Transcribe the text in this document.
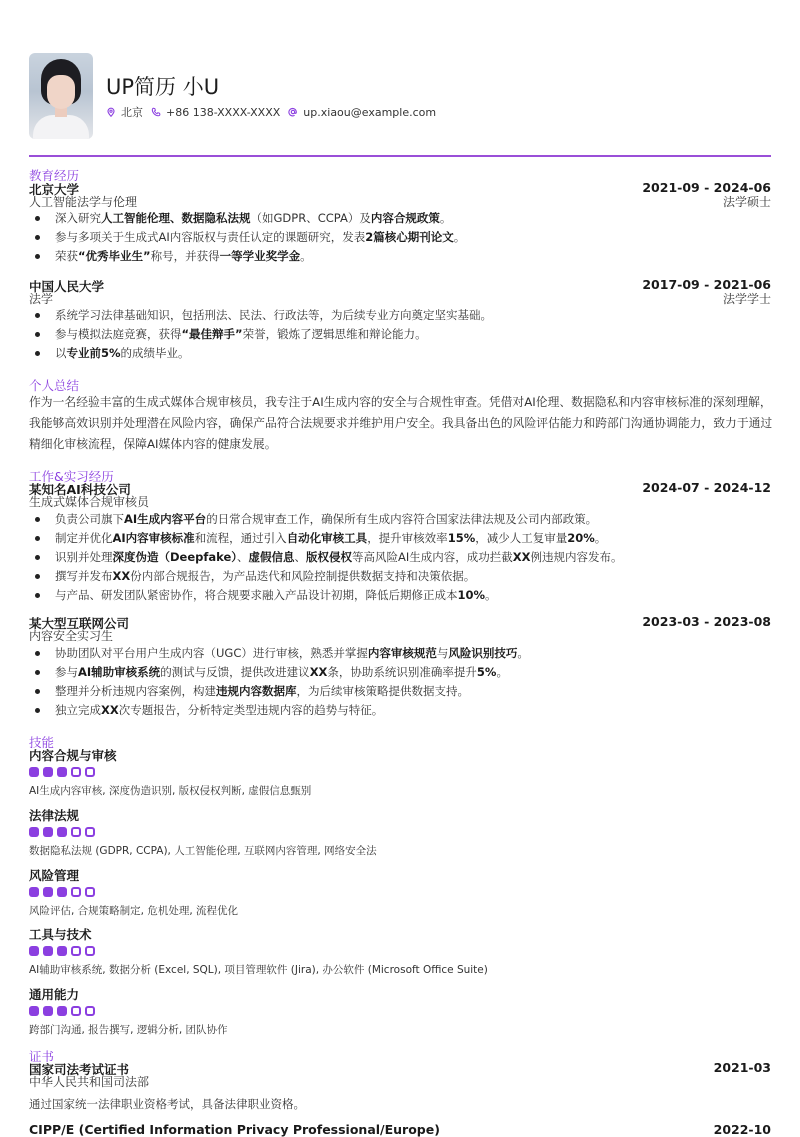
UP简历 小U
北京 +86 138-XXXX-XXXX up.xiaou@example.com
教育经历
北京大学	2021-09 - 2024-06
人工智能法学与伦理	法学硕士
深入研究人工智能伦理、数据隐私法规（如GDPR、CCPA）及内容合规政策。
参与多项关于生成式AI内容版权与责任认定的课题研究，发表2篇核心期刊论文。
荣获“优秀毕业生”称号，并获得一等学业奖学金。
中国人民大学	2017-09 - 2021-06
法学	法学学士
系统学习法律基础知识，包括刑法、民法、行政法等，为后续专业方向奠定坚实基础。
参与模拟法庭竞赛，获得“最佳辩手”荣誉，锻炼了逻辑思维和辩论能力。
以专业前5%的成绩毕业。
个人总结
作为一名经验丰富的生成式媒体合规审核员，我专注于AI生成内容的安全与合规性审查。凭借对AI伦理、数据隐私和内容审核标准的深刻理解，我能够高效识别并处理潜在风险内容，确保产品符合法规要求并维护用户安全。我具备出色的风险评估能力和跨部门沟通协调能力，致力于通过精细化审核流程，保障AI媒体内容的健康发展。
工作&实习经历
某知名AI科技公司	2024-07 - 2024-12
生成式媒体合规审核员
负责公司旗下AI生成内容平台的日常合规审查工作，确保所有生成内容符合国家法律法规及公司内部政策。
制定并优化AI内容审核标准和流程，通过引入自动化审核工具，提升审核效率15%，减少人工复审量20%。
识别并处理深度伪造（Deepfake）、虚假信息、版权侵权等高风险AI生成内容，成功拦截XX例违规内容发布。
撰写并发布XX份内部合规报告，为产品迭代和风险控制提供数据支持和决策依据。
与产品、研发团队紧密协作，将合规要求融入产品设计初期，降低后期修正成本10%。
某大型互联网公司	2023-03 - 2023-08
内容安全实习生
协助团队对平台用户生成内容（UGC）进行审核，熟悉并掌握内容审核规范与风险识别技巧。
参与AI辅助审核系统的测试与反馈，提供改进建议XX条，协助系统识别准确率提升5%。
整理并分析违规内容案例，构建违规内容数据库，为后续审核策略提供数据支持。
独立完成XX次专题报告，分析特定类型违规内容的趋势与特征。
技能
内容合规与审核
AI生成内容审核, 深度伪造识别, 版权侵权判断, 虚假信息甄别
法律法规
数据隐私法规 (GDPR, CCPA), 人工智能伦理, 互联网内容管理, 网络安全法
风险管理
风险评估, 合规策略制定, 危机处理, 流程优化
工具与技术
AI辅助审核系统, 数据分析 (Excel, SQL), 项目管理软件 (Jira), 办公软件 (Microsoft Office Suite)
通用能力
跨部门沟通, 报告撰写, 逻辑分析, 团队协作
证书
国家司法考试证书	2021-03
中华人民共和国司法部
通过国家统一法律职业资格考试，具备法律职业资格。
CIPP/E (Certified Information Privacy Professional/Europe)	2022-10
